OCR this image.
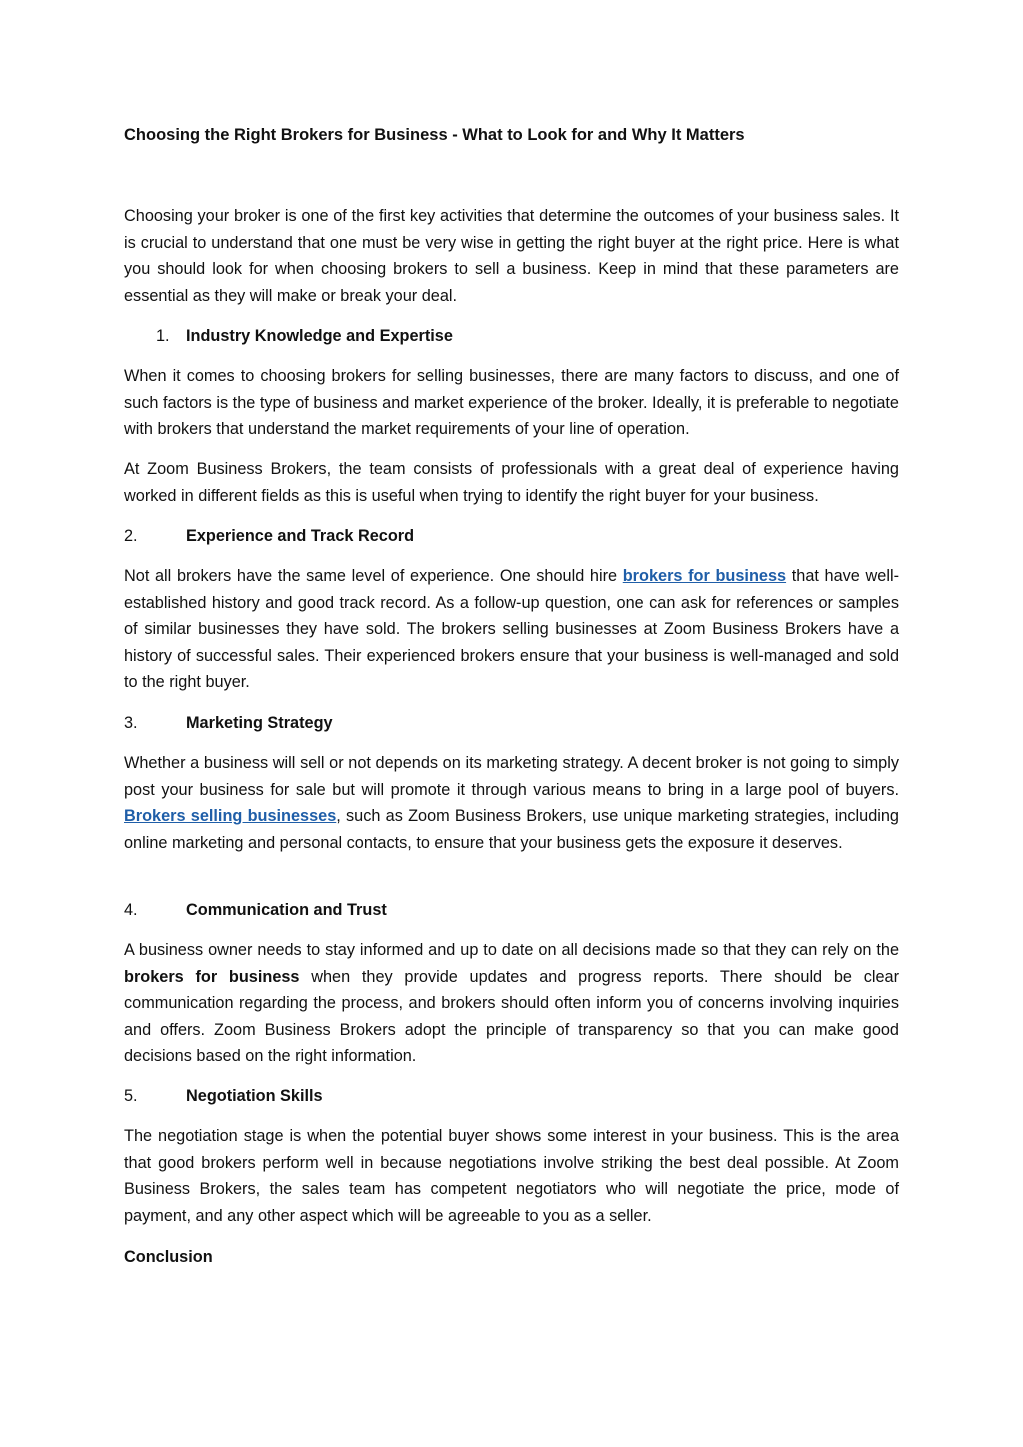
Choosing the Right Brokers for Business - What to Look for and Why It Matters

Choosing your broker is one of the first key activities that determine the outcomes of your business sales. It is crucial to understand that one must be very wise in getting the right buyer at the right price. Here is what you should look for when choosing brokers to sell a business. Keep in mind that these parameters are essential as they will make or break your deal.

1.	Industry Knowledge and Expertise

When it comes to choosing brokers for selling businesses, there are many factors to discuss, and one of such factors is the type of business and market experience of the broker. Ideally, it is preferable to negotiate with brokers that understand the market requirements of your line of operation.

At Zoom Business Brokers, the team consists of professionals with a great deal of experience having worked in different fields as this is useful when trying to identify the right buyer for your business.

2.	Experience and Track Record

Not all brokers have the same level of experience. One should hire brokers for business that have well-established history and good track record. As a follow-up question, one can ask for references or samples of similar businesses they have sold. The brokers selling businesses at Zoom Business Brokers have a history of successful sales. Their experienced brokers ensure that your business is well-managed and sold to the right buyer.

3.	Marketing Strategy

Whether a business will sell or not depends on its marketing strategy. A decent broker is not going to simply post your business for sale but will promote it through various means to bring in a large pool of buyers. Brokers selling businesses, such as Zoom Business Brokers, use unique marketing strategies, including online marketing and personal contacts, to ensure that your business gets the exposure it deserves.

4.	Communication and Trust

A business owner needs to stay informed and up to date on all decisions made so that they can rely on the brokers for business when they provide updates and progress reports. There should be clear communication regarding the process, and brokers should often inform you of concerns involving inquiries and offers. Zoom Business Brokers adopt the principle of transparency so that you can make good decisions based on the right information.

5.	Negotiation Skills

The negotiation stage is when the potential buyer shows some interest in your business. This is the area that good brokers perform well in because negotiations involve striking the best deal possible. At Zoom Business Brokers, the sales team has competent negotiators who will negotiate the price, mode of payment, and any other aspect which will be agreeable to you as a seller.

Conclusion
